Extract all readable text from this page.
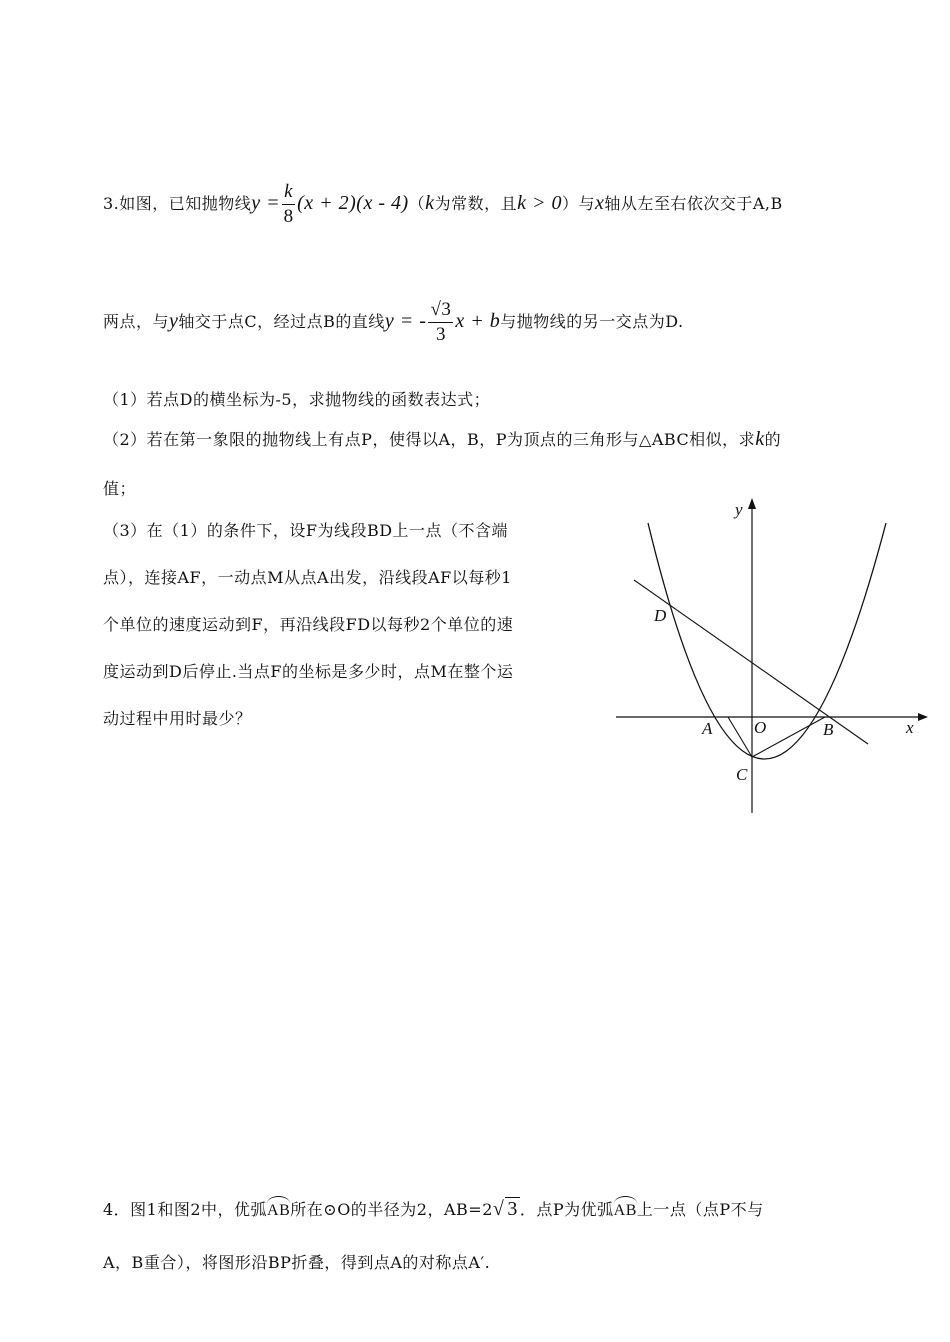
3.如图，已知抛物线$y = \frac{k}{8} (x + 2)(x - 4)(k$为常数，且k > 0）与x轴从左至右依次交于A,B
两点，与y轴交于点C，经过点B的直线y = - $\frac{√3}{3}$ x + b与抛物线的另一交点为D.
（1）若点D的横坐标为-5，求抛物线的函数表达式；
（2）若在第一象限的抛物线上有点P，使得以A，B，P为顶点的三角形与△ABC相似，求k的
值；
（3）在（1）的条件下，设F为线段BD上一点（不含端
点），连接AF，一动点M从点A出发，沿线段AF以每秒1
个单位的速度运动到F，再沿线段FD以每秒2个单位的速
度运动到D后停止.当点F的坐标是多少时，点M在整个运
动过程中用时最少？
y
x
D
A O	B
C
4．图1和图2中，优弧AB所在⊙O的半径为2，AB=2√ 3 ．点P为优弧AB上一点（点P不与
A，B重合），将图形沿BP折叠，得到点A的对称点A′.
